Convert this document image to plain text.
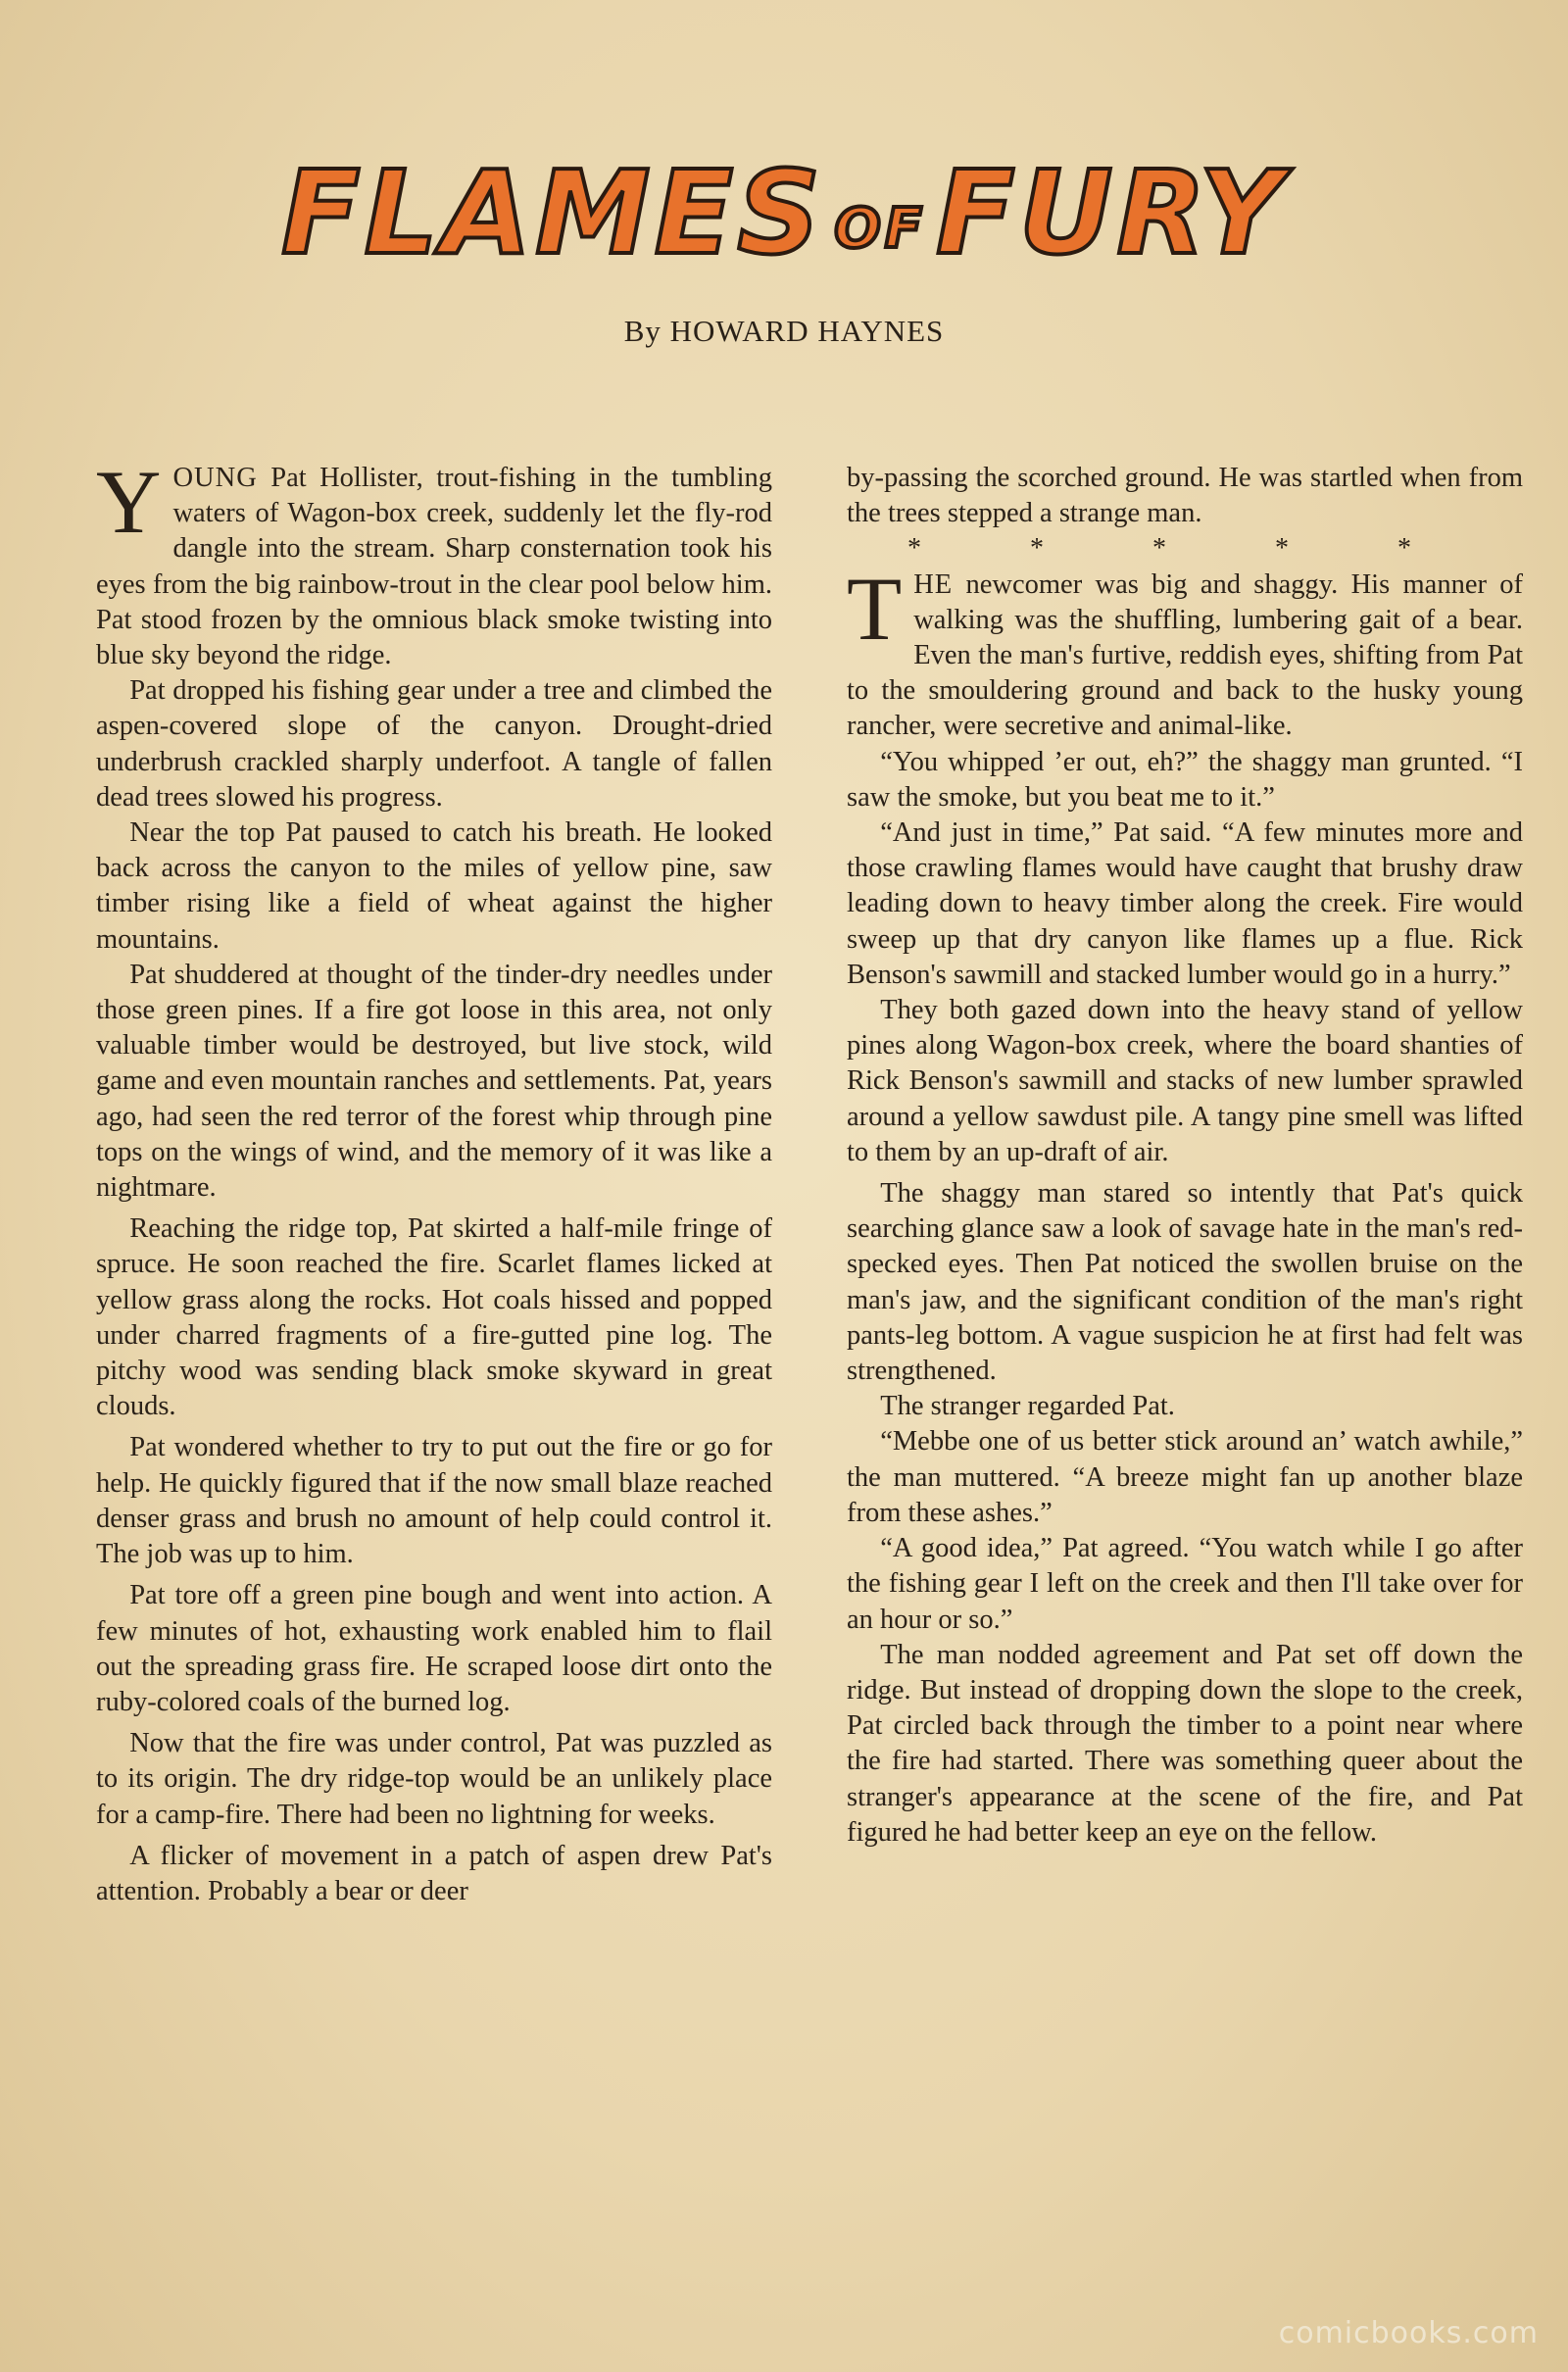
FLAMES OFFURY
By HOWARD HAYNES

YOUNG Pat Hollister, trout-fishing in the tumbling waters of Wagon-box creek, suddenly let the fly-rod dangle into the stream. Sharp consternation took his eyes from the big rainbow-trout in the clear pool below him. Pat stood frozen by the omnious black smoke twisting into blue sky beyond the ridge.

Pat dropped his fishing gear under a tree and climbed the aspen-covered slope of the canyon. Drought-dried underbrush crackled sharply underfoot. A tangle of fallen dead trees slowed his progress.

Near the top Pat paused to catch his breath. He looked back across the canyon to the miles of yellow pine, saw timber rising like a field of wheat against the higher mountains.

Pat shuddered at thought of the tinder-dry needles under those green pines. If a fire got loose in this area, not only valuable timber would be destroyed, but live stock, wild game and even mountain ranches and settlements. Pat, years ago, had seen the red terror of the forest whip through pine tops on the wings of wind, and the memory of it was like a nightmare.

Reaching the ridge top, Pat skirted a half-mile fringe of spruce. He soon reached the fire. Scarlet flames licked at yellow grass along the rocks. Hot coals hissed and popped under charred fragments of a fire-gutted pine log. The pitchy wood was sending black smoke skyward in great clouds.

Pat wondered whether to try to put out the fire or go for help. He quickly figured that if the now small blaze reached denser grass and brush no amount of help could control it. The job was up to him.

Pat tore off a green pine bough and went into action. A few minutes of hot, exhausting work enabled him to flail out the spreading grass fire. He scraped loose dirt onto the ruby-colored coals of the burned log.

Now that the fire was under control, Pat was puzzled as to its origin. The dry ridge-top would be an unlikely place for a camp-fire. There had been no lightning for weeks.

A flicker of movement in a patch of aspen drew Pat's attention. Probably a bear or deer

by-passing the scorched ground. He was startled when from the trees stepped a strange man.

* * * * *

THE newcomer was big and shaggy. His manner of walking was the shuffling, lumbering gait of a bear. Even the man's furtive, reddish eyes, shifting from Pat to the smouldering ground and back to the husky young rancher, were secretive and animal-like.

“You whipped ’er out, eh?” the shaggy man grunted. “I saw the smoke, but you beat me to it.”

“And just in time,” Pat said. “A few minutes more and those crawling flames would have caught that brushy draw leading down to heavy timber along the creek. Fire would sweep up that dry canyon like flames up a flue. Rick Benson's sawmill and stacked lumber would go in a hurry.”

They both gazed down into the heavy stand of yellow pines along Wagon-box creek, where the board shanties of Rick Benson's sawmill and stacks of new lumber sprawled around a yellow sawdust pile. A tangy pine smell was lifted to them by an up-draft of air.

The shaggy man stared so intently that Pat's quick searching glance saw a look of savage hate in the man's red-specked eyes. Then Pat noticed the swollen bruise on the man's jaw, and the significant condition of the man's right pants-leg bottom. A vague suspicion he at first had felt was strengthened.

The stranger regarded Pat.

“Mebbe one of us better stick around an’ watch awhile,” the man muttered. “A breeze might fan up another blaze from these ashes.”

“A good idea,” Pat agreed. “You watch while I go after the fishing gear I left on the creek and then I'll take over for an hour or so.”

The man nodded agreement and Pat set off down the ridge. But instead of dropping down the slope to the creek, Pat circled back through the timber to a point near where the fire had started. There was something queer about the stranger's appearance at the scene of the fire, and Pat figured he had better keep an eye on the fellow.

comicbooks.com
